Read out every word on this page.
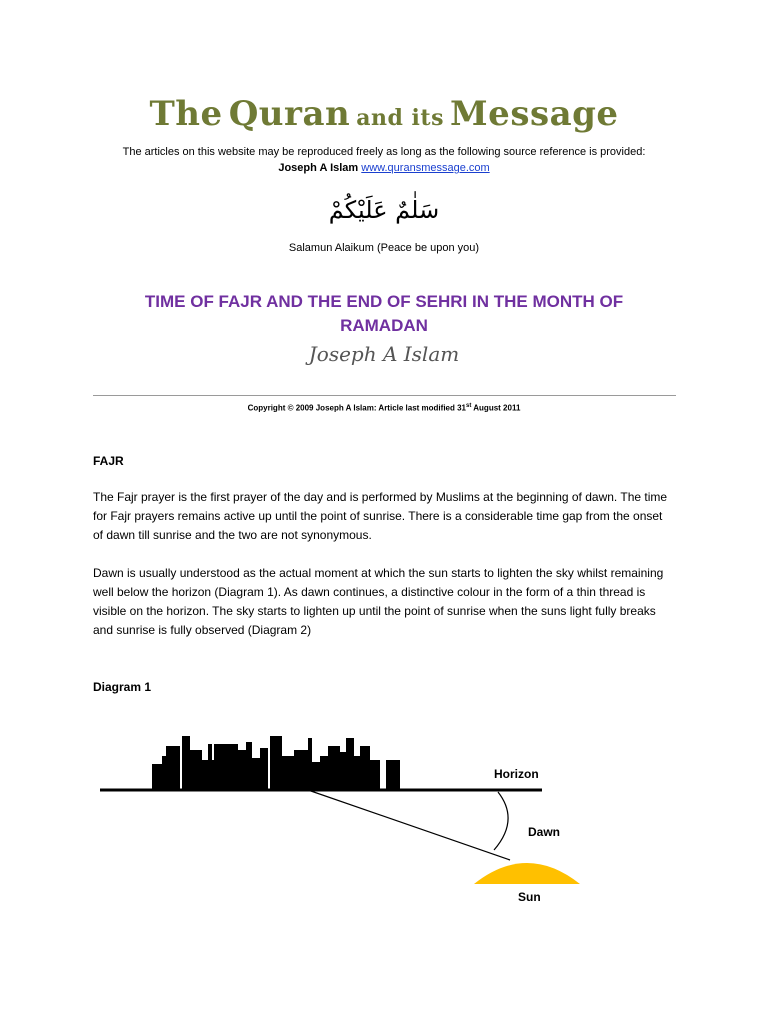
The Quran and its Message
The articles on this website may be reproduced freely as long as the following source reference is provided:
Joseph A Islam www.quransmessage.com
سَلٰمٌ عَلَيْكُمْ
Salamun Alaikum (Peace be upon you)
TIME OF FAJR AND THE END OF SEHRI IN THE MONTH OF
RAMADAN
Joseph A Islam
Copyright © 2009 Joseph A Islam: Article last modified 31st August 2011
FAJR
The Fajr prayer is the first prayer of the day and is performed by Muslims at the beginning of dawn. The time for Fajr prayers remains active up until the point of sunrise. There is a considerable time gap from the onset of dawn till sunrise and the two are not synonymous.
Dawn is usually understood as the actual moment at which the sun starts to lighten the sky whilst remaining well below the horizon (Diagram 1). As dawn continues, a distinctive colour in the form of a thin thread is visible on the horizon. The sky starts to lighten up until the point of sunrise when the suns light fully breaks and sunrise is fully observed (Diagram 2)
Diagram 1
Horizon
Dawn
Sun
